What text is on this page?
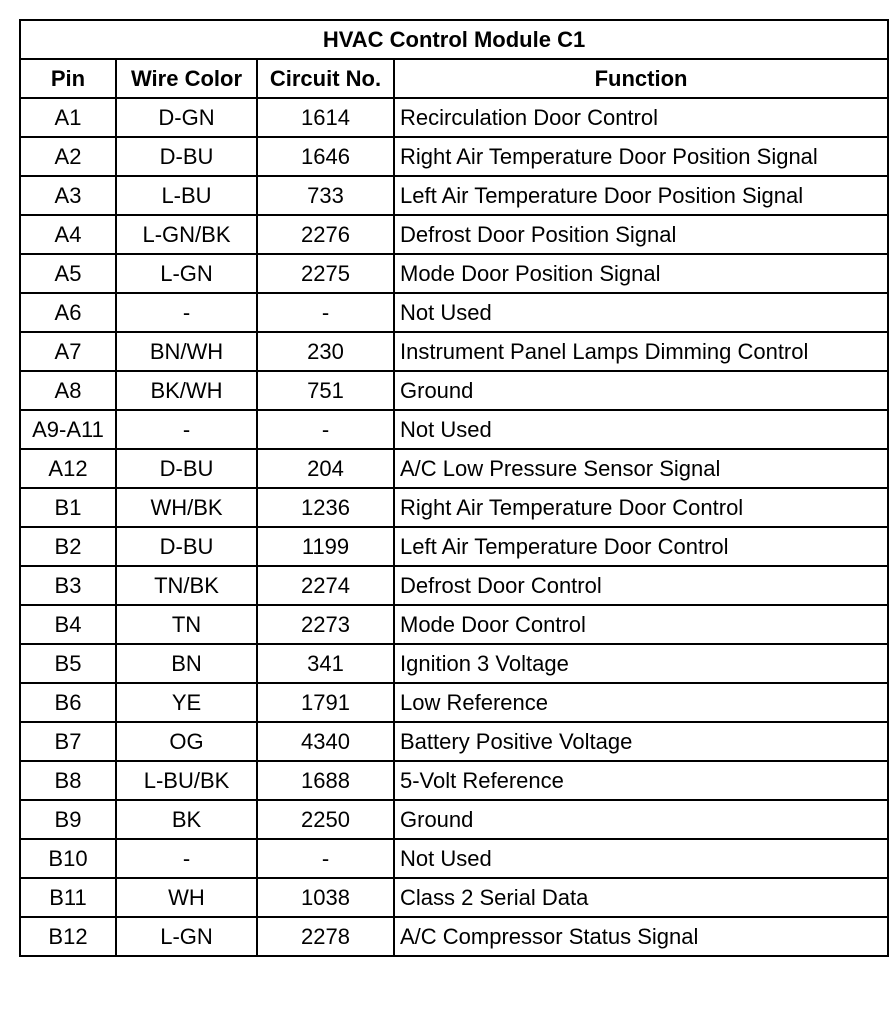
HVAC Control Module C1			
Pin	Wire Color	Circuit No.	Function
A1	D-GN	1614	Recirculation Door Control
A2	D-BU	1646	Right Air Temperature Door Position Signal
A3	L-BU	733	Left Air Temperature Door Position Signal
A4	L-GN/BK	2276	Defrost Door Position Signal
A5	L-GN	2275	Mode Door Position Signal
A6	-	-	Not Used
A7	BN/WH	230	Instrument Panel Lamps Dimming Control
A8	BK/WH	751	Ground
A9-A11	-	-	Not Used
A12	D-BU	204	A/C Low Pressure Sensor Signal
B1	WH/BK	1236	Right Air Temperature Door Control
B2	D-BU	1199	Left Air Temperature Door Control
B3	TN/BK	2274	Defrost Door Control
B4	TN	2273	Mode Door Control
B5	BN	341	Ignition 3 Voltage
B6	YE	1791	Low Reference
B7	OG	4340	Battery Positive Voltage
B8	L-BU/BK	1688	5-Volt Reference
B9	BK	2250	Ground
B10	-	-	Not Used
B11	WH	1038	Class 2 Serial Data
B12	L-GN	2278	A/C Compressor Status Signal
